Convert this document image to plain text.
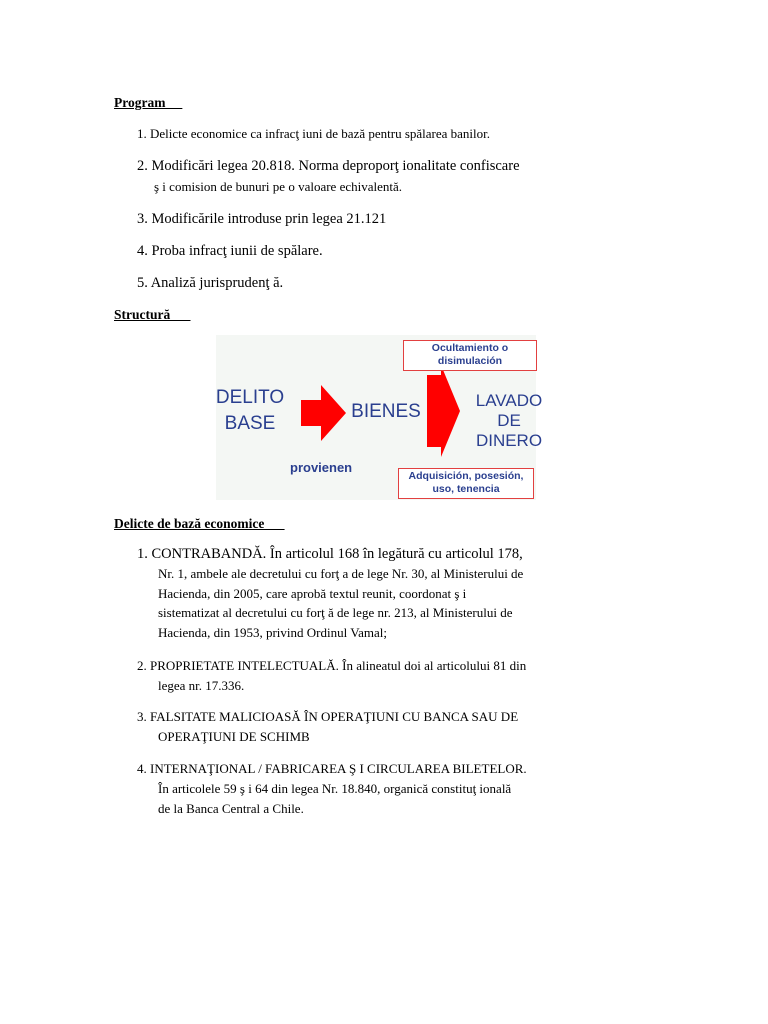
Program
1. Delicte economice ca infracţ iuni de bază pentru spălarea banilor.
2. Modificări legea 20.818. Norma deproporţ ionalitate confiscare
ş i comision de bunuri pe o valoare echivalentă.
3. Modificările introduse prin legea 21.121
4. Proba infracţ iunii de spălare.
5. Analiză jurisprudenţ ă.
Structură
DELITO
BASE
BIENES
LAVADO
DE
DINERO
Ocultamiento o
disimulación
Adquisición, posesión,
uso, tenencia
provienen
Delicte de bază economice
1. CONTRABANDĂ. În articolul 168 în legătură cu articolul 178,
Nr. 1, ambele ale decretului cu forţ a de lege Nr. 30, al Ministerului de
Hacienda, din 2005, care aprobă textul reunit, coordonat ş i
sistematizat al decretului cu forţ ă de lege nr. 213, al Ministerului de
Hacienda, din 1953, privind Ordinul Vamal;
2. PROPRIETATE INTELECTUALĂ. În alineatul doi al articolului 81 din
legea nr. 17.336.
3. FALSITATE MALICIOASĂ ÎN OPERAŢIUNI CU BANCA SAU DE
OPERAŢIUNI DE SCHIMB
4. INTERNAŢIONAL / FABRICAREA Ş I CIRCULAREA BILETELOR.
În articolele 59 ş i 64 din legea Nr. 18.840, organică constituţ ională
de la Banca Central a Chile.
